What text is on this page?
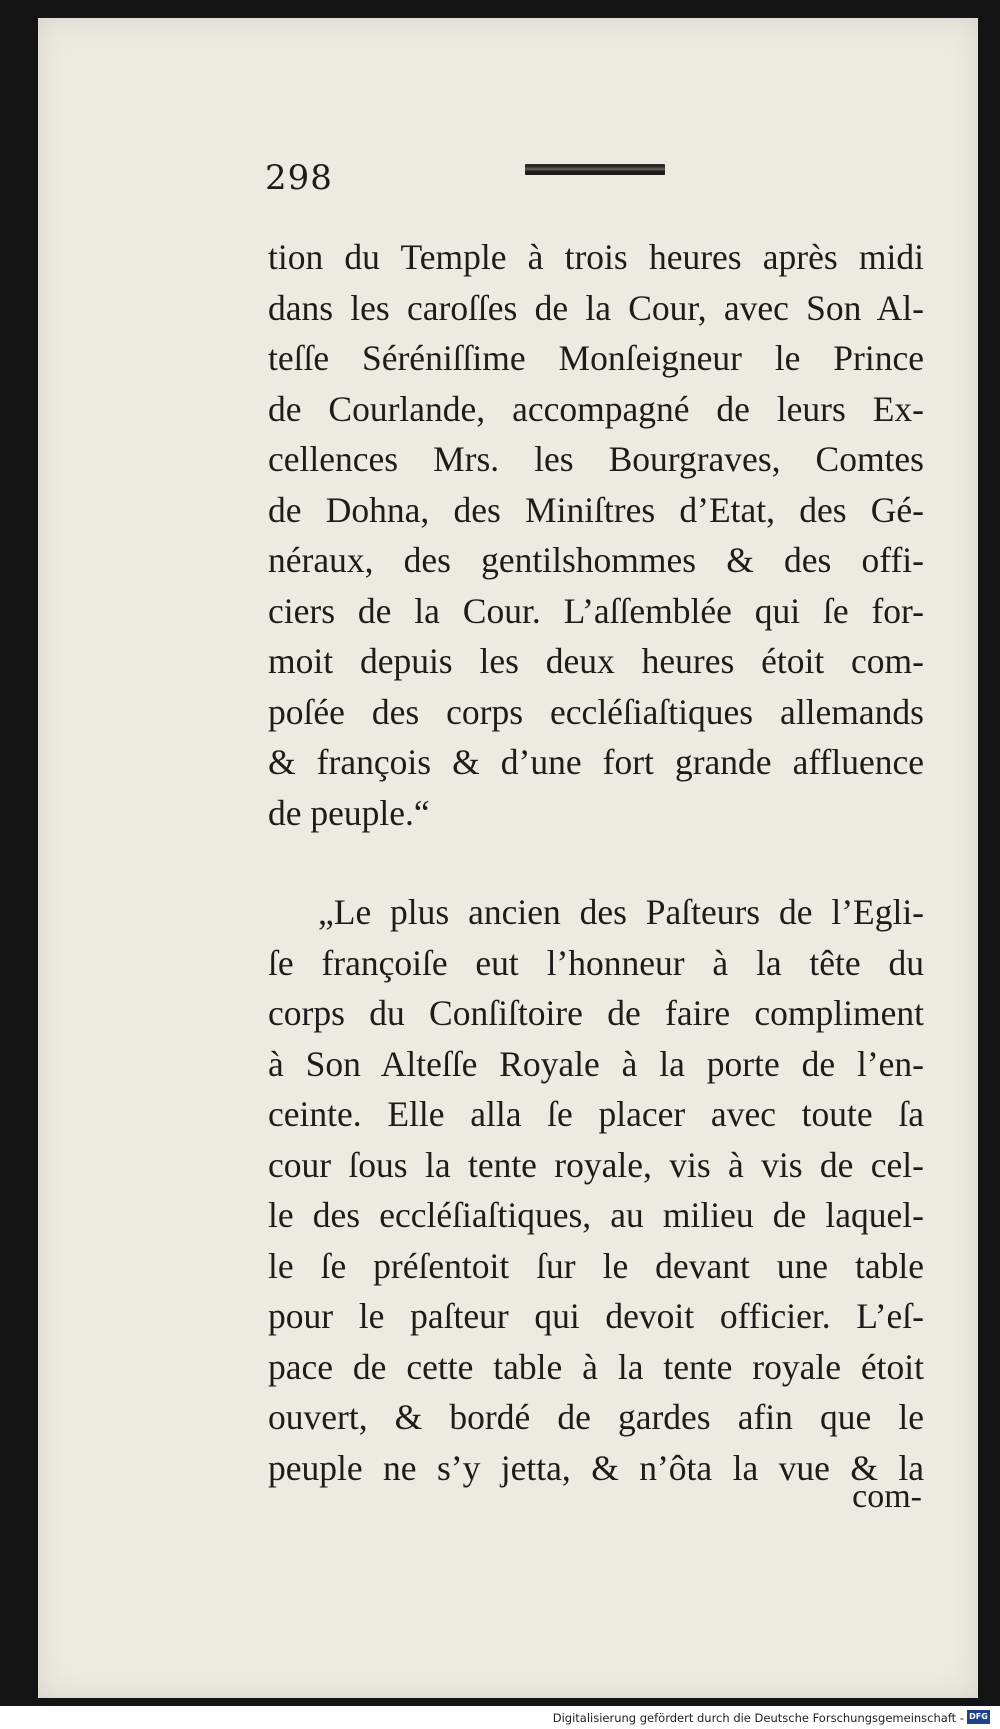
298
tion du Temple à trois heures après midi
dans les caroſſes de la Cour, avec Son Al-
teſſe Séréniſſime Monſeigneur le Prince
de Courlande, accompagné de leurs Ex-
cellences Mrs. les Bourgraves, Comtes
de Dohna, des Miniſtres d’Etat, des Gé-
néraux, des gentilshommes & des offi-
ciers de la Cour. L’aſſemblée qui ſe for-
moit depuis les deux heures étoit com-
poſée des corps eccléſiaſtiques allemands
& françois & d’une fort grande affluence
de peuple.“
„Le plus ancien des Paſteurs de l’Egli-
ſe françoiſe eut l’honneur à la tête du
corps du Conſiſtoire de faire compliment
à Son Alteſſe Royale à la porte de l’en-
ceinte. Elle alla ſe placer avec toute ſa
cour ſous la tente royale, vis à vis de cel-
le des eccléſiaſtiques, au milieu de laquel-
le ſe préſentoit ſur le devant une table
pour le paſteur qui devoit officier. L’eſ-
pace de cette table à la tente royale étoit
ouvert, & bordé de gardes afin que le
peuple ne s’y jetta, & n’ôta la vue & la
com-
Digitalisierung gefördert durch die Deutsche Forschungsgemeinschaft - DFG
